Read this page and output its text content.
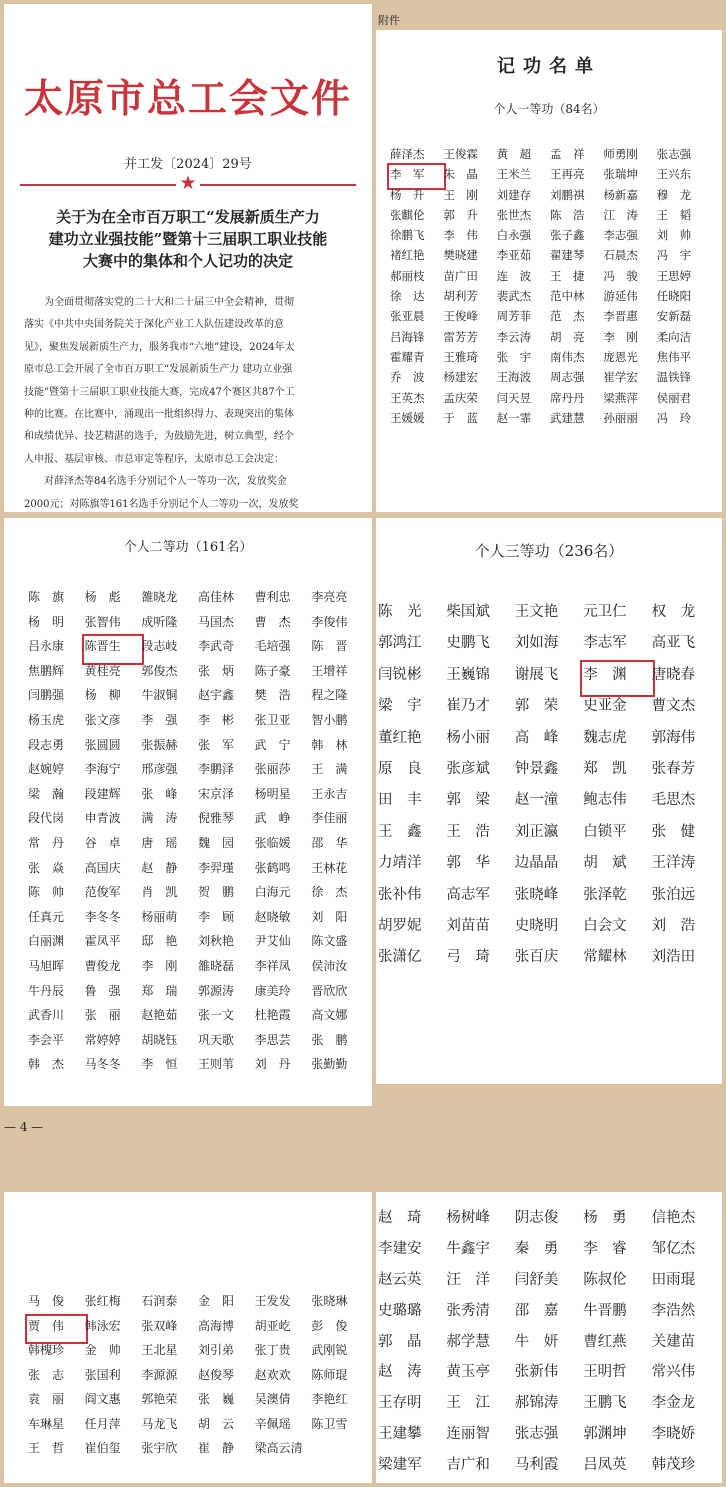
太原市总工会文件
并工发〔2024〕29号
★
关于为在全市百万职工“发展新质生产力
建功立业强技能”暨第十三届职工职业技能
大赛中的集体和个人记功的决定
为全面贯彻落实党的二十大和二十届三中全会精神，贯彻
落实《中共中央国务院关于深化产业工人队伍建设改革的意
见》，聚焦发展新质生产力，服务我市“六地”建设，2024年太
原市总工会开展了全市百万职工“发展新质生产力 建功立业强
技能”暨第十三届职工职业技能大赛，完成47个赛区共87个工
种的比赛。在比赛中，涌现出一批组织得力、表现突出的集体
和成绩优异、技艺精湛的选手，为鼓励先进，树立典型，经个
人申报、基层审核、市总审定等程序，太原市总工会决定：
对薛泽杰等84名选手分别记个人一等功一次，发放奖金
2000元；对陈旗等161名选手分别记个人二等功一次，发放奖
附件
记功名单
个人一等功（84名）
薛泽杰	王俊霖	黄　超	孟　祥	师勇刚	张志强
李　军	朱　晶	王米兰	王再亮	张瑞坤	王兴东
杨　升	王　刚	刘建存	刘鹏祺	杨新嘉	穆　龙
张麒伦	郭　升	张世杰	陈　浩	江　涛	王　韬
徐鹏飞	李　伟	白永强	张子鑫	李志强	刘　帅
褚红艳	樊晓建	李亚茹	翟建琴	石晨杰	冯　宇
郝丽枝	苗广田	连　波	王　捷	冯　骏	王思婷
徐　达	胡利芳	裴武杰	范中林	游延伟	任晓阳
张亚晨	王俊峰	周芳菲	范　杰	李晋惠	安新磊
吕海锋	雷芳芳	李云涛	胡　亮	李　刚	柔向洁
霍耀青	王雅琦	张　宇	南伟杰	庞恩光	焦伟平
乔　波	杨建宏	王海波	周志强	崔学宏	温铁锋
王英杰	孟庆荣	闫天昱	席丹丹	梁燕萍	侯丽君
王媛媛	于　蓝	赵一霏	武建慧	孙丽丽	冯　玲
个人二等功（161名）
陈　旗	杨　彪	雒晓龙	高佳林	曹利忠	李亮亮
杨　明	张智伟	成听隆	马国杰	曹　杰	李俊伟
吕永康	陈晋生	段志岐	李武奇	毛培强	陈　晋
焦鹏辉	黄桂亮	郭俊杰	张　炳	陈子豪	王增祥
闫鹏强	杨　柳	牛淑铜	赵宇鑫	樊　浩	程之隆
杨玉虎	张文彦	李　强	李　彬	张卫亚	智小鹏
段志勇	张圆圆	张振赫	张　军	武　宁	韩　林
赵婉婷	李海宁	邢彦强	李鹏泽	张丽莎	王　满
梁　瀚	段建辉	张　峰	宋京泽	杨明星	王永吉
段代岗	申青波	满　涛	倪雅琴	武　峥	李佳丽
常　丹	谷　卓	唐　瑶	魏　园	张临媛	邵　华
张　焱	高国庆	赵　静	李羿瑾	张鹤鸣	王林花
陈　帅	范俊军	肖　凯	贺　鹏	白海元	徐　杰
任真元	李冬冬	杨丽萌	李　顾	赵晓敏	刘　阳
白丽渊	霍凤平	邸　艳	刘秋艳	尹艾仙	陈文盛
马旭晖	曹俊龙	李　刚	雒晓磊	李祥凤	侯沛汝
牛丹辰	鲁　强	郑　瑞	郭源涛	康美玲	晋欣欣
武香川	张　丽	赵艳茹	张一文	杜艳霞	高文娜
李会平	常婷婷	胡晓钰	巩天歌	李思芸	张　鹏
韩　杰	马冬冬	李　恒	王则苇	刘　丹	张勤勤
— 4 —
个人三等功（236名）
陈　光	柴国斌	王文艳	元卫仁	权　龙
郭鸿江	史鹏飞	刘如海	李志军	高亚飞
闫锐彬	王巍锦	谢展飞	李　渊	唐晓春
梁　宇	崔乃才	郭　荣	史亚金	曹文杰
董红艳	杨小丽	高　峰	魏志虎	郭海伟
原　良	张彦斌	钟景鑫	郑　凯	张春芳
田　丰	郭　梁	赵一潼	鲍志伟	毛思杰
王　鑫	王　浩	刘正瀛	白锁平	张　健
力靖洋	郭　华	边晶晶	胡　斌	王洋涛
张补伟	高志军	张晓峰	张泽乾	张泊远
胡罗妮	刘苗苗	史晓明	白会文	刘　浩
张潇亿	弓　琦	张百庆	常耀林	刘浩田
马　俊	张红梅	石润泰	金　阳	王发发	张晓琳
贾　伟	韩泳宏	张双峰	高海博	胡亚屹	彭　俊
韩槐珍	金　帅	王北星	刘引弟	张丁贵	武刚锐
张　志	张国利	李源源	赵俊琴	赵欢欢	陈师琨
袁　丽	阎文惠	郭艳荣	张　巍	吴澳倩	李艳红
车琳星	任月萍	马龙飞	胡　云	辛佩瑶	陈卫雪
王　哲	崔伯玺	张宇欣	崔　静	梁高云清
赵　琦	杨树峰	阴志俊	杨　勇	信艳杰
李建安	牛鑫宇	秦　勇	李　睿	邹亿杰
赵云英	汪　洋	闫舒美	陈叔伦	田雨琨
史璐璐	张秀清	邵　嘉	牛晋鹏	李浩然
郭　晶	郝学慧	牛　妍	曹红燕	关建苗
赵　涛	黄玉亭	张新伟	王明哲	常兴伟
王存明	王　江	郝锦涛	王鹏飞	李金龙
王建攀	连丽智	张志强	郭渊坤	李晓娇
梁建军	吉广和	马利霞	吕凤英	韩茂珍
